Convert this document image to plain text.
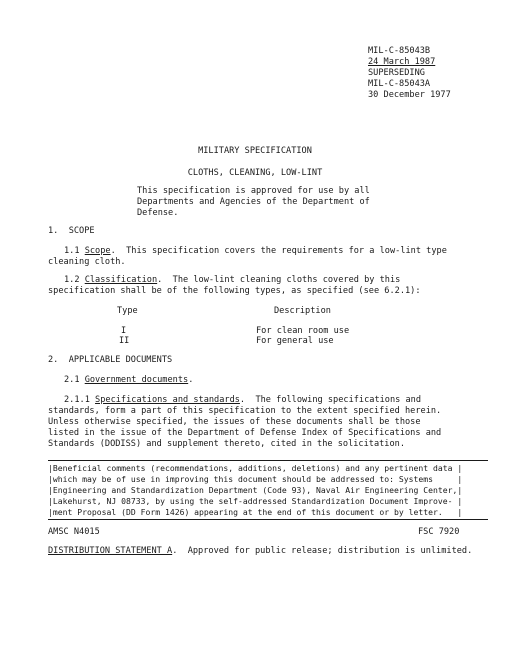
MIL-C-85043B
24 March 1987
SUPERSEDING
MIL-C-85043A
30 December 1977
MILITARY SPECIFICATION
CLOTHS, CLEANING, LOW-LINT
This specification is approved for use by all
Departments and Agencies of the Department of
Defense.
1.  SCOPE
1.1 Scope.  This specification covers the requirements for a low-lint type
cleaning cloth.
1.2 Classification.  The low-lint cleaning cloths covered by this
specification shall be of the following types, as specified (see 6.2.1):
Type	Description
I	For clean room use
II	For general use
2.  APPLICABLE DOCUMENTS
2.1 Government documents.
2.1.1 Specifications and standards.  The following specifications and
standards, form a part of this specification to the extent specified herein.
Unless otherwise specified, the issues of these documents shall be those
listed in the issue of the Department of Defense Index of Specifications and
Standards (DODISS) and supplement thereto, cited in the solicitation.
|Beneficial comments (recommendations, additions, deletions) and any pertinent data |
|which may be of use in improving this document should be addressed to: Systems     |
|Engineering and Standardization Department (Code 93), Naval Air Engineering Center,|
|Lakehurst, NJ 08733, by using the self-addressed Standardization Document Improve- |
|ment Proposal (DD Form 1426) appearing at the end of this document or by letter.   |
AMSC N4015	FSC 7920
DISTRIBUTION STATEMENT A.  Approved for public release; distribution is unlimited.
